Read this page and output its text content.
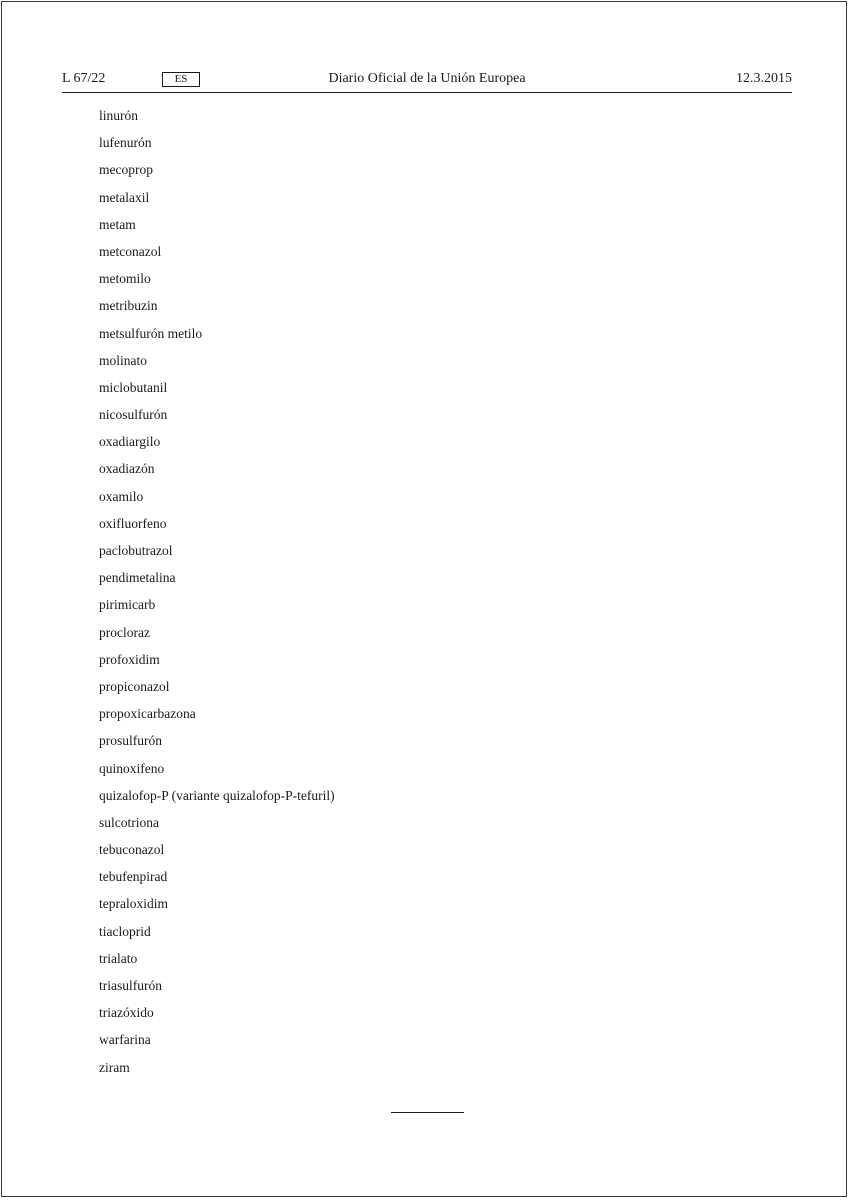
L 67/22	ES	Diario Oficial de la Unión Europea	12.3.2015
linurón
lufenurón
mecoprop
metalaxil
metam
metconazol
metomilo
metribuzin
metsulfurón metilo
molinato
miclobutanil
nicosulfurón
oxadiargilo
oxadiazón
oxamilo
oxifluorfeno
paclobutrazol
pendimetalina
pirimicarb
procloraz
profoxidim
propiconazol
propoxicarbazona
prosulfurón
quinoxifeno
quizalofop-P (variante quizalofop-P-tefuril)
sulcotriona
tebuconazol
tebufenpirad
tepraloxidim
tiacloprid
trialato
triasulfurón
triazóxido
warfarina
ziram
